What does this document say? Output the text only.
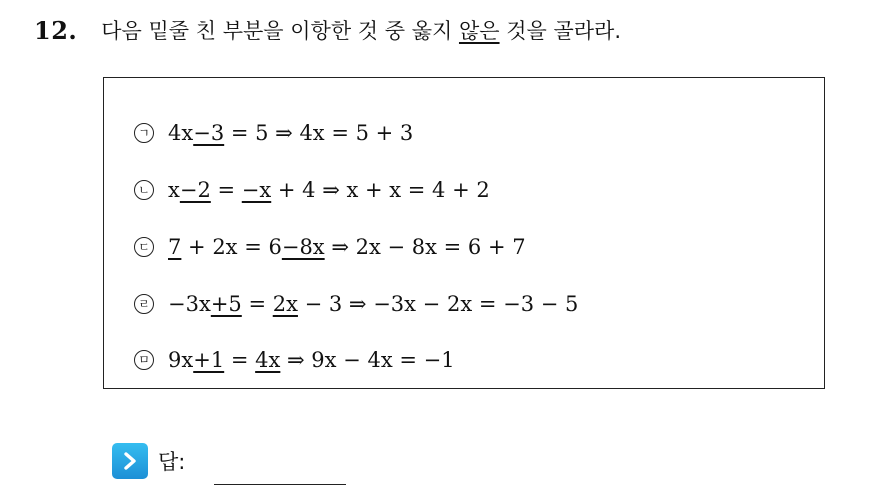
12. 다음 밑줄 친 부분을 이항한 것 중 옳지 않은 것을 골라라.
ㄱ 4x−3 = 5 ⇒ 4x = 5 + 3
ㄴ x−2 = −x + 4 ⇒ x + x = 4 + 2
ㄷ 7 + 2x = 6−8x ⇒ 2x − 8x = 6 + 7
ㄹ −3x+5 = 2x − 3 ⇒ −3x − 2x = −3 − 5
ㅁ 9x+1 = 4x ⇒ 9x − 4x = −1
답:
